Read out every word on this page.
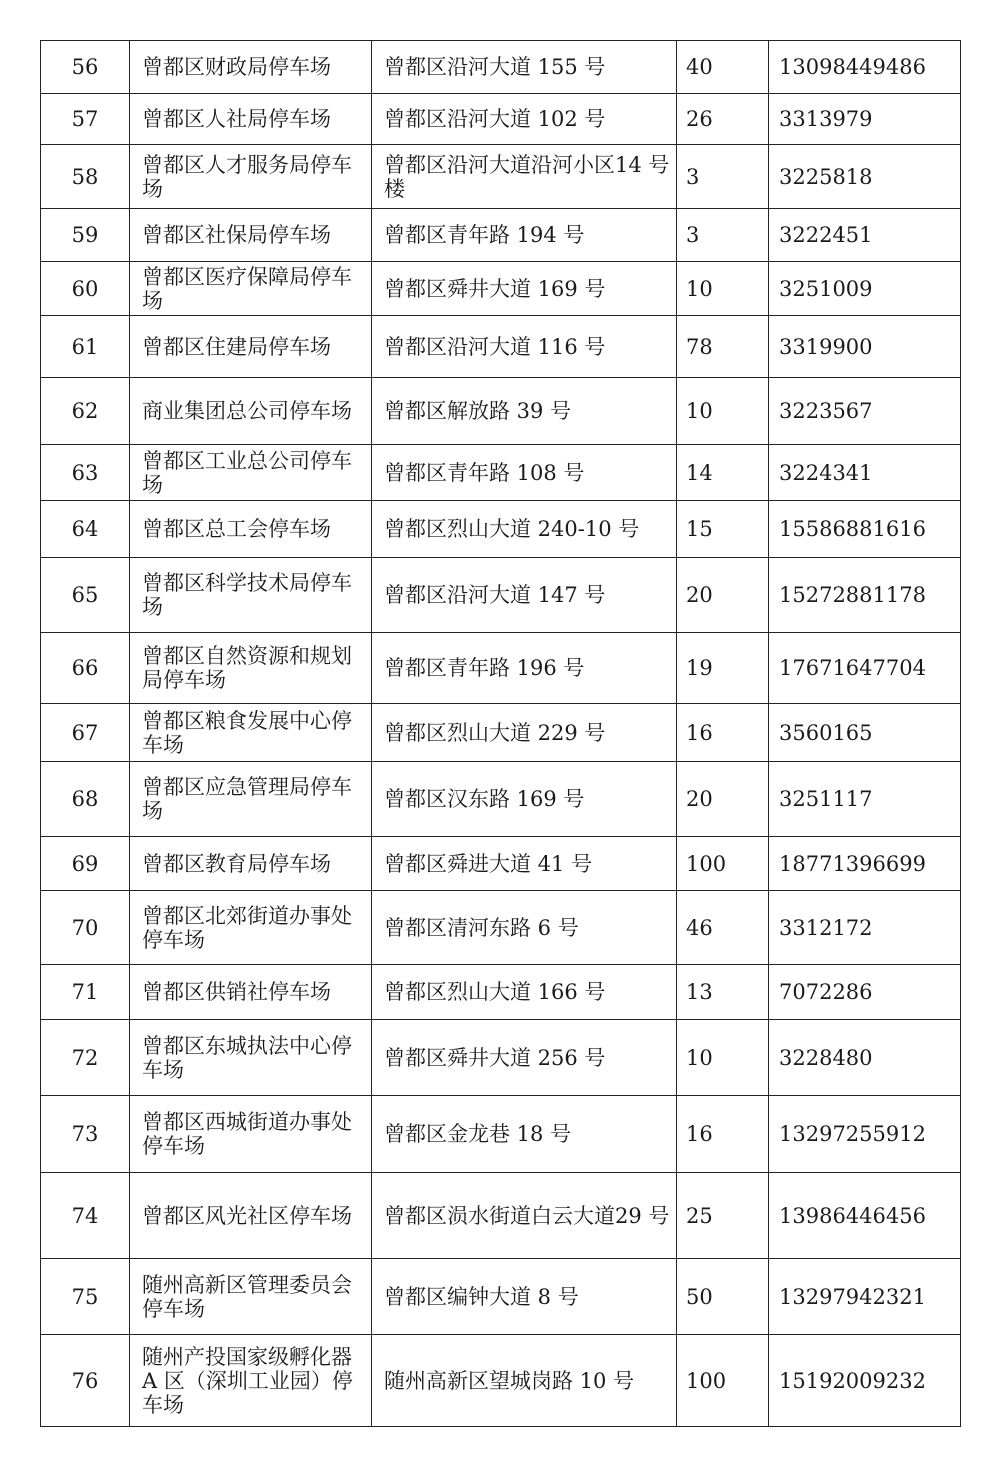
56	曾都区财政局停车场	曾都区沿河大道 155 号	40	13098449486
57	曾都区人社局停车场	曾都区沿河大道 102 号	26	3313979
58	曾都区人才服务局停车场	曾都区沿河大道沿河小区14 号楼	3	3225818
59	曾都区社保局停车场	曾都区青年路 194 号	3	3222451
60	曾都区医疗保障局停车场	曾都区舜井大道 169 号	10	3251009
61	曾都区住建局停车场	曾都区沿河大道 116 号	78	3319900
62	商业集团总公司停车场	曾都区解放路 39 号	10	3223567
63	曾都区工业总公司停车场	曾都区青年路 108 号	14	3224341
64	曾都区总工会停车场	曾都区烈山大道 240-10 号	15	15586881616
65	曾都区科学技术局停车场	曾都区沿河大道 147 号	20	15272881178
66	曾都区自然资源和规划局停车场	曾都区青年路 196 号	19	17671647704
67	曾都区粮食发展中心停车场	曾都区烈山大道 229 号	16	3560165
68	曾都区应急管理局停车场	曾都区汉东路 169 号	20	3251117
69	曾都区教育局停车场	曾都区舜进大道 41 号	100	18771396699
70	曾都区北郊街道办事处停车场	曾都区清河东路 6 号	46	3312172
71	曾都区供销社停车场	曾都区烈山大道 166 号	13	7072286
72	曾都区东城执法中心停车场	曾都区舜井大道 256 号	10	3228480
73	曾都区西城街道办事处停车场	曾都区金龙巷 18 号	16	13297255912
74	曾都区风光社区停车场	曾都区涢水街道白云大道29 号	25	13986446456
75	随州高新区管理委员会停车场	曾都区编钟大道 8 号	50	13297942321
76	随州产投国家级孵化器 A 区（深圳工业园）停车场	随州高新区望城岗路 10 号	100	15192009232
